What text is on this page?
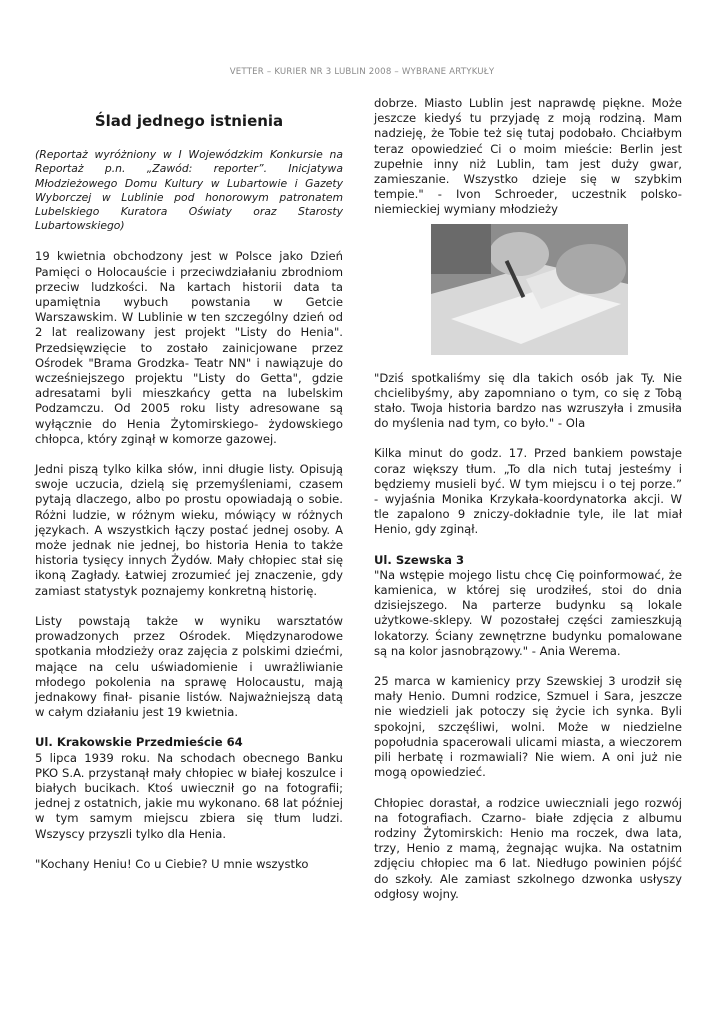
VETTER – KURIER NR 3 LUBLIN 2008 – WYBRANE ARTYKUŁY
Ślad jednego istnienia

(Reportaż wyróżniony w I Wojewódzkim Konkursie na Reportaż p.n. „Zawód: reporter”. Inicjatywa Młodzieżowego Domu Kultury w Lubartowie i Gazety Wyborczej w Lublinie pod honorowym patronatem Lubelskiego Kuratora Oświaty oraz Starosty Lubartowskiego)

19 kwietnia obchodzony jest w Polsce jako Dzień Pamięci o Holocauście i przeciwdziałaniu zbrodniom przeciw ludzkości. Na kartach historii data ta upamiętnia wybuch powstania w Getcie Warszawskim. W Lublinie w ten szczególny dzień od 2 lat realizowany jest projekt "Listy do Henia". Przedsięwzięcie to zostało zainicjowane przez Ośrodek "Brama Grodzka- Teatr NN" i nawiązuje do wcześniejszego projektu "Listy do Getta", gdzie adresatami byli mieszkańcy getta na lubelskim Podzamczu. Od 2005 roku listy adresowane są wyłącznie do Henia Żytomirskiego- żydowskiego chłopca, który zginął w komorze gazowej.

Jedni piszą tylko kilka słów, inni długie listy. Opisują swoje uczucia, dzielą się przemyśleniami, czasem pytają dlaczego, albo po prostu opowiadają o sobie. Różni ludzie, w różnym wieku, mówiący w różnych językach. A wszystkich łączy postać jednej osoby. A może jednak nie jednej, bo historia Henia to także historia tysięcy innych Żydów. Mały chłopiec stał się ikoną Zagłady. Łatwiej zrozumieć jej znaczenie, gdy zamiast statystyk poznajemy konkretną historię.

Listy powstają także w wyniku warsztatów prowadzonych przez Ośrodek. Międzynarodowe spotkania młodzieży oraz zajęcia z polskimi dziećmi, mające na celu uświadomienie i uwrażliwianie młodego pokolenia na sprawę Holocaustu, mają jednakowy finał- pisanie listów. Najważniejszą datą w całym działaniu jest 19 kwietnia.

Ul. Krakowskie Przedmieście 64

5 lipca 1939 roku. Na schodach obecnego Banku PKO S.A. przystanął mały chłopiec w białej koszulce i białych bucikach. Ktoś uwiecznił go na fotografii; jednej z ostatnich, jakie mu wykonano. 68 lat później w tym samym miejscu zbiera się tłum ludzi. Wszyscy przyszli tylko dla Henia.

"Kochany Heniu! Co u Ciebie? U mnie wszystko

dobrze. Miasto Lublin jest naprawdę piękne. Może jeszcze kiedyś tu przyjadę z moją rodziną. Mam nadzieję, że Tobie też się tutaj podobało. Chciałbym teraz opowiedzieć Ci o moim mieście: Berlin jest zupełnie inny niż Lublin, tam jest duży gwar, zamieszanie. Wszystko dzieje się w szybkim tempie." - Ivon Schroeder, uczestnik polsko-niemieckiej wymiany młodzieży

"Dziś spotkaliśmy się dla takich osób jak Ty. Nie chcielibyśmy, aby zapomniano o tym, co się z Tobą stało. Twoja historia bardzo nas wzruszyła i zmusiła do myślenia nad tym, co było." - Ola

Kilka minut do godz. 17. Przed bankiem powstaje coraz większy tłum. „To dla nich tutaj jesteśmy i będziemy musieli być. W tym miejscu i o tej porze.” - wyjaśnia Monika Krzykała-koordynatorka akcji. W tle zapalono 9 zniczy-dokładnie tyle, ile lat miał Henio, gdy zginął.

Ul. Szewska 3

"Na wstępie mojego listu chcę Cię poinformować, że kamienica, w której się urodziłeś, stoi do dnia dzisiejszego. Na parterze budynku są lokale użytkowe-sklepy. W pozostałej części zamieszkują lokatorzy. Ściany zewnętrzne budynku pomalowane są na kolor jasnobrązowy." - Ania Werema.

25 marca w kamienicy przy Szewskiej 3 urodził się mały Henio. Dumni rodzice, Szmuel i Sara, jeszcze nie wiedzieli jak potoczy się życie ich synka. Byli spokojni, szczęśliwi, wolni. Może w niedzielne popołudnia spacerowali ulicami miasta, a wieczorem pili herbatę i rozmawiali? Nie wiem. A oni już nie mogą opowiedzieć.

Chłopiec dorastał, a rodzice uwieczniali jego rozwój na fotografiach. Czarno- białe zdjęcia z albumu rodziny Żytomirskich: Henio ma roczek, dwa lata, trzy, Henio z mamą, żegnając wujka. Na ostatnim zdjęciu chłopiec ma 6 lat. Niedługo powinien pójść do szkoły. Ale zamiast szkolnego dzwonka usłyszy odgłosy wojny.
